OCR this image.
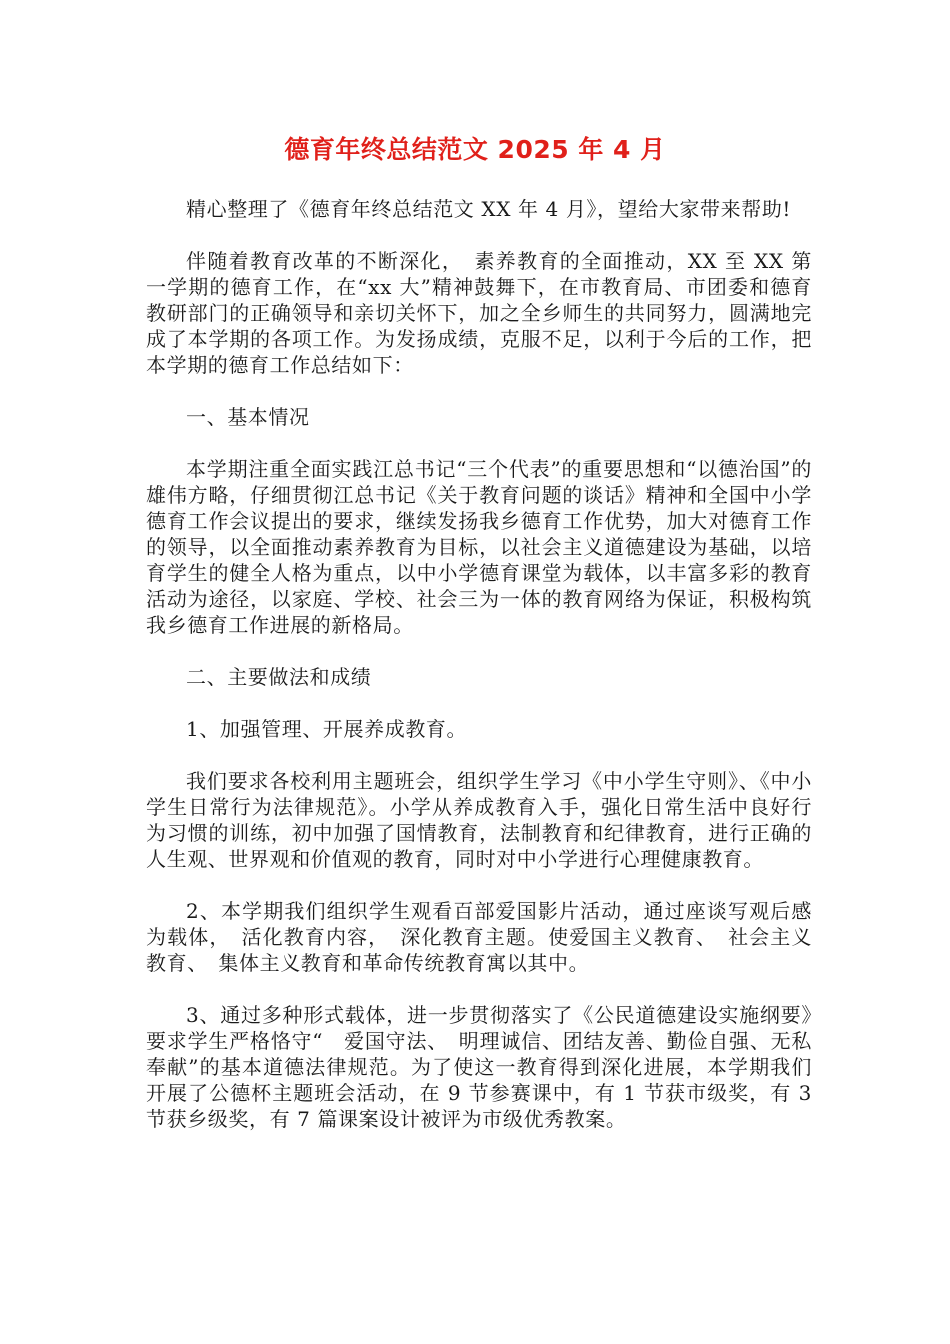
德育年终总结范文 2025 年 4 月

精心整理了《德育年终总结范文 XX 年 4 月》，望给大家带来帮助!

伴随着教育改革的不断深化，　素养教育的全面推动，XX 至 XX 第一学期的德育工作，在“xx 大”精神鼓舞下，在市教育局、市团委和德育教研部门的正确领导和亲切关怀下，加之全乡师生的共同努力，圆满地完成了本学期的各项工作。为发扬成绩，克服不足，以利于今后的工作，把本学期的德育工作总结如下：

一、基本情况

本学期注重全面实践江总书记“三个代表”的重要思想和“以德治国”的雄伟方略，仔细贯彻江总书记《关于教育问题的谈话》精神和全国中小学德育工作会议提出的要求，继续发扬我乡德育工作优势，加大对德育工作的领导，以全面推动素养教育为目标，以社会主义道德建设为基础，以培育学生的健全人格为重点，以中小学德育课堂为载体，以丰富多彩的教育活动为途径，以家庭、学校、社会三为一体的教育网络为保证，积极构筑我乡德育工作进展的新格局。

二、主要做法和成绩

1、加强管理、开展养成教育。

我们要求各校利用主题班会，组织学生学习《中小学生守则》、《中小学生日常行为法律规范》。小学从养成教育入手，强化日常生活中良好行为习惯的训练，初中加强了国情教育，法制教育和纪律教育，进行正确的人生观、世界观和价值观的教育，同时对中小学进行心理健康教育。

2、本学期我们组织学生观看百部爱国影片活动，通过座谈写观后感为载体，　活化教育内容，　深化教育主题。使爱国主义教育、　社会主义教育、　集体主义教育和革命传统教育寓以其中。

3、通过多种形式载体，进一步贯彻落实了《公民道德建设实施纲要》　要求学生严格恪守“　爱国守法、　明理诚信、团结友善、勤俭自强、无私奉献”的基本道德法律规范。为了使这一教育得到深化进展，本学期我们开展了公德杯主题班会活动，在 9 节参赛课中，有 1 节获市级奖，有 3 节获乡级奖，有 7 篇课案设计被评为市级优秀教案。
